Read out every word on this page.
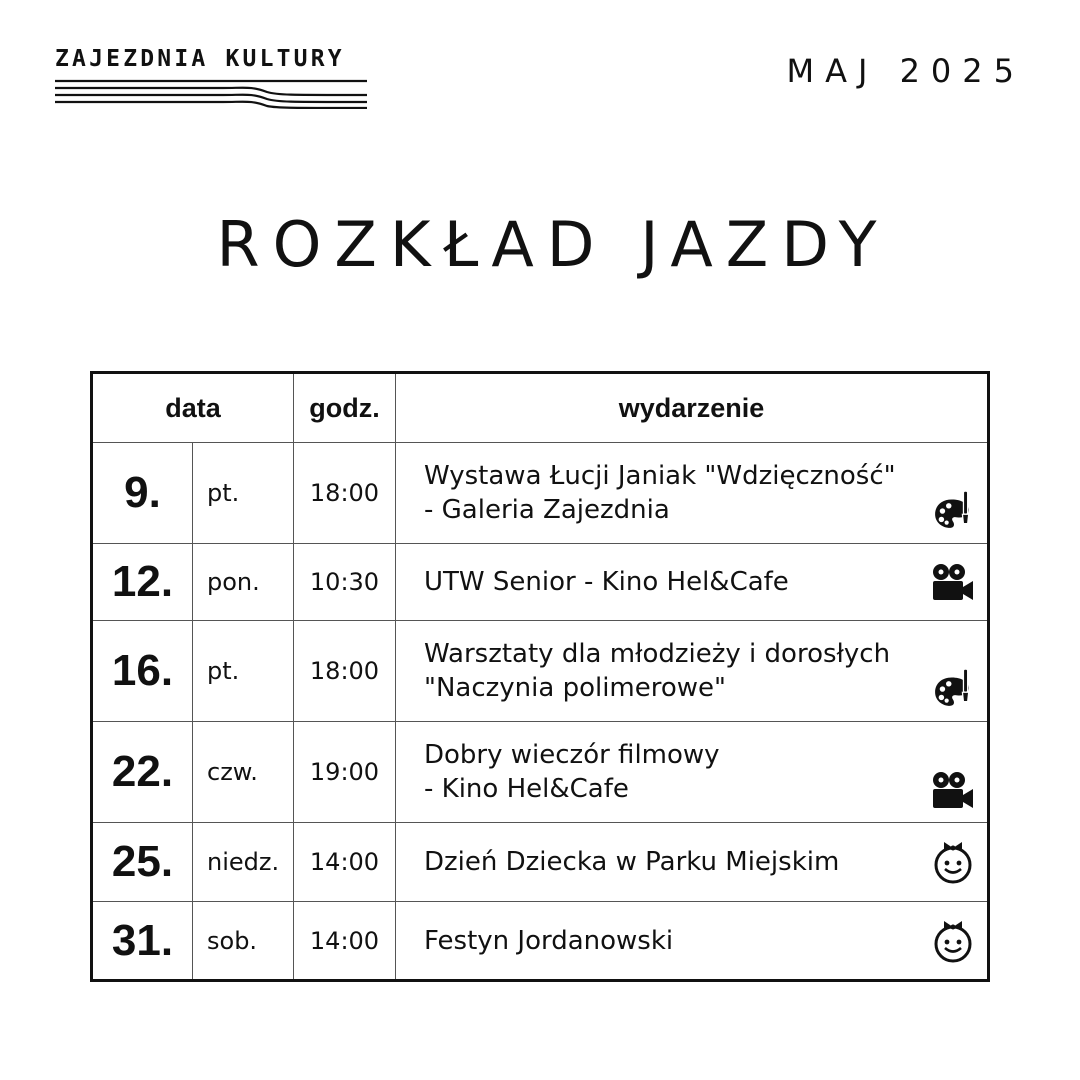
ZAJEZDNIA KULTURY	MAJ 2025
ROZKŁAD JAZDY
data		godz.	wydarzenie
9.	pt.	18:00	Wystawa Łucji Janiak "Wdzięczność"
- Galeria Zajezdnia

12.	pon.	10:30	UTW Senior - Kino Hel&Cafe

16.	pt.	18:00	Warsztaty dla młodzieży i dorosłych
"Naczynia polimerowe"

22.	czw.	19:00	Dobry wieczór filmowy
- Kino Hel&Cafe

25.	niedz.	14:00	Dzień Dziecka w Parku Miejskim

31.	sob.	14:00	Festyn Jordanowski
